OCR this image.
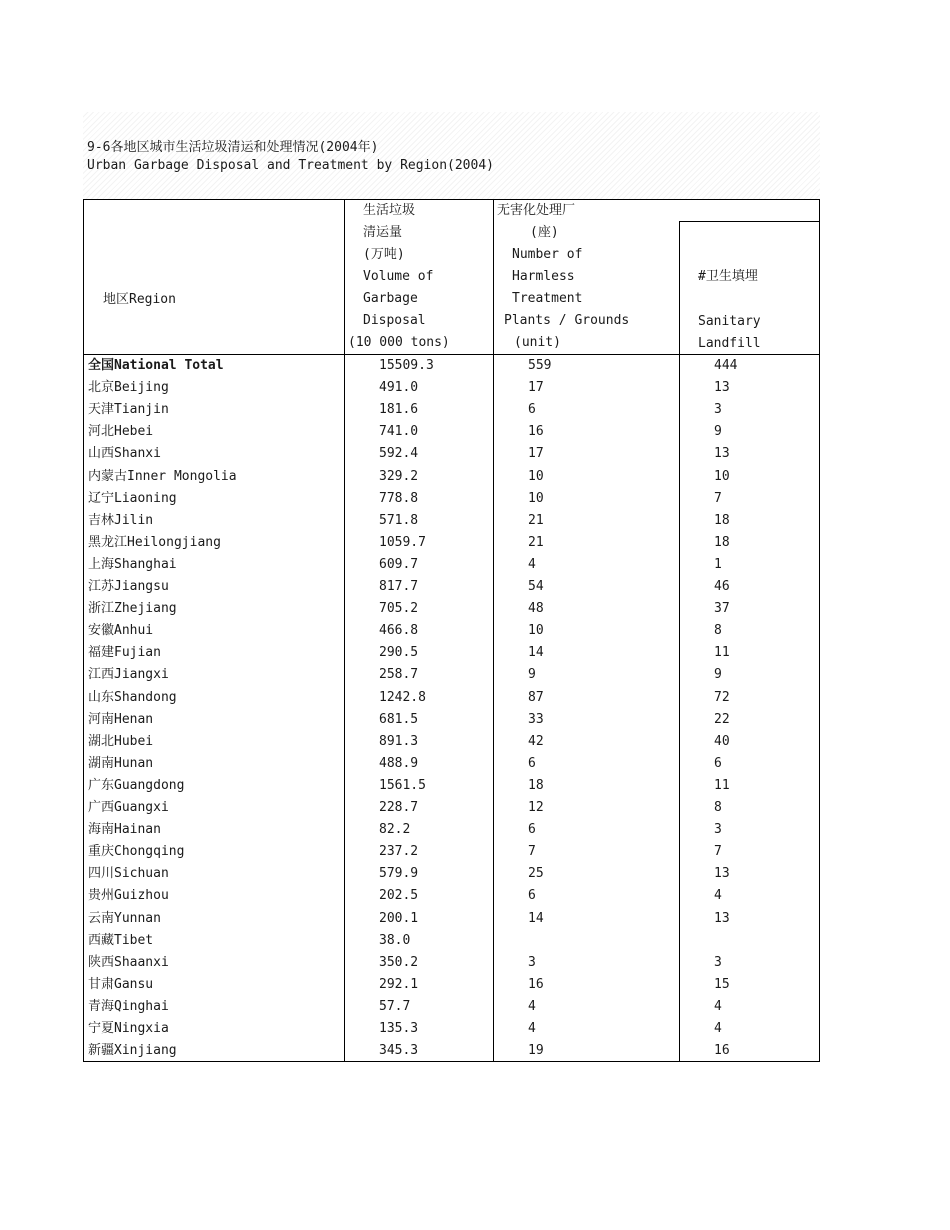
9-6各地区城市生活垃圾清运和处理情况(2004年)
Urban Garbage Disposal and Treatment by Region(2004)
地区Region
生活垃圾
清运量
(万吨)
Volume of
Garbage
Disposal
(10 000 tons)
无害化处理厂
(座)
Number of
Harmless
Treatment
Plants / Grounds
(unit)
#卫生填埋
Sanitary
Landfill
全国National Total	15509.3	559	444
北京Beijing	491.0	17	13
天津Tianjin	181.6	6	3
河北Hebei	741.0	16	9
山西Shanxi	592.4	17	13
内蒙古Inner Mongolia	329.2	10	10
辽宁Liaoning	778.8	10	7
吉林Jilin	571.8	21	18
黑龙江Heilongjiang	1059.7	21	18
上海Shanghai	609.7	4	1
江苏Jiangsu	817.7	54	46
浙江Zhejiang	705.2	48	37
安徽Anhui	466.8	10	8
福建Fujian	290.5	14	11
江西Jiangxi	258.7	9	9
山东Shandong	1242.8	87	72
河南Henan	681.5	33	22
湖北Hubei	891.3	42	40
湖南Hunan	488.9	6	6
广东Guangdong	1561.5	18	11
广西Guangxi	228.7	12	8
海南Hainan	82.2	6	3
重庆Chongqing	237.2	7	7
四川Sichuan	579.9	25	13
贵州Guizhou	202.5	6	4
云南Yunnan	200.1	14	13
西藏Tibet	38.0
陕西Shaanxi	350.2	3	3
甘肃Gansu	292.1	16	15
青海Qinghai	57.7	4	4
宁夏Ningxia	135.3	4	4
新疆Xinjiang	345.3	19	16
